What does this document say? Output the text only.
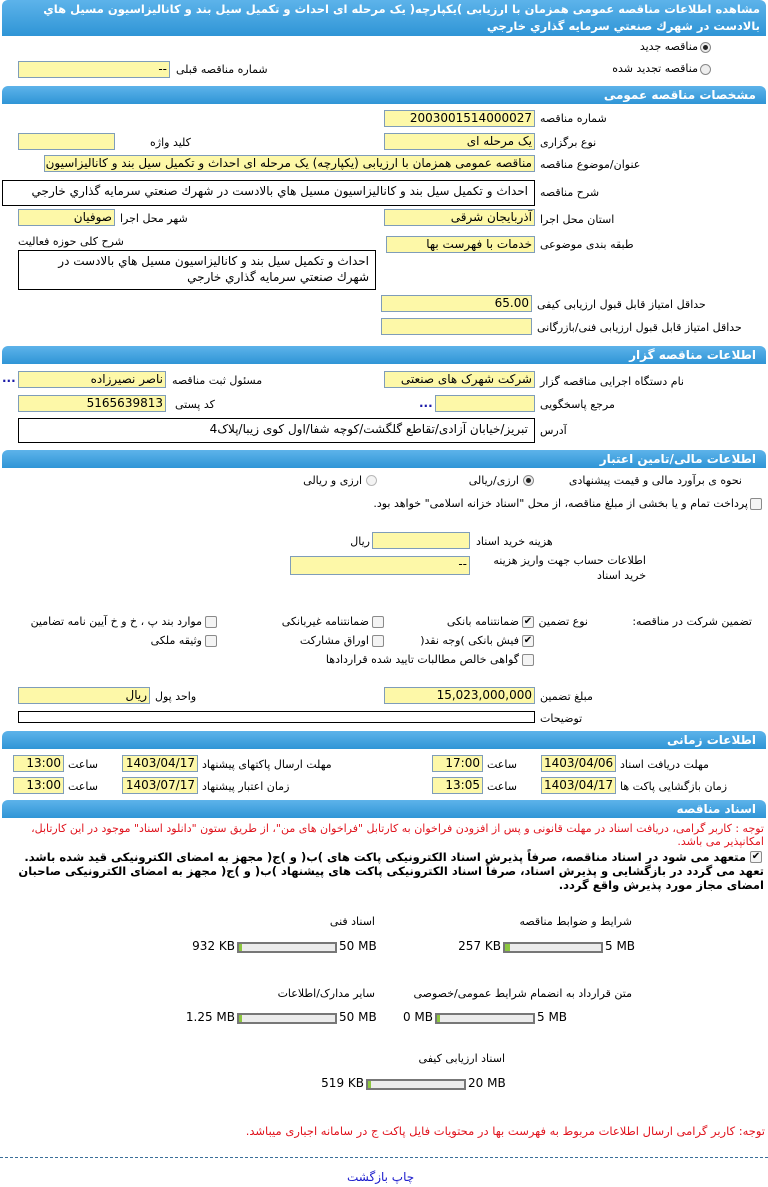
مشاهده اطلاعات مناقصه عمومی همزمان با ارزیابی )یکپارچه( یک مرحله ای احداث و تکمیل سیل بند و کانالیزاسیون مسیل هاي بالادست در شهرك صنعتي سرمايه گذاري خارجي
مناقصه جدید
مناقصه تجدید شده
شماره مناقصه قبلی
--
مشخصات مناقصه عمومی
شماره مناقصه
2003001514000027
نوع برگزاری
یک مرحله ای
کلید واژه
عنوان/موضوع مناقصه
مناقصه عمومی همزمان با ارزیابی (یکپارچه) یک مرحله ای احداث و تکمیل سیل بند و کانالیزاسیون
شرح مناقصه
احداث و تكميل سيل بند و كانالیزاسیون مسیل هاي بالادست در شهرك صنعتي سرمايه گذاري خارجي
استان محل اجرا
آذربایجان شرقی
شهر محل اجرا
صوفیان
طبقه بندی موضوعی
خدمات با فهرست بها
شرح کلی حوزه فعالیت
احداث و تكميل سيل بند و كانالیزاسیون مسیل هاي بالادست در شهرك صنعتي سرمايه گذاري خارجي
حداقل امتیاز قابل قبول ارزیابی کیفی
65.00
حداقل امتیاز قابل قبول ارزیابی فنی/بازرگانی
اطلاعات مناقصه گزار
نام دستگاه اجرایی مناقصه گزار
شرکت شهرک های صنعتی
مسئول ثبت مناقصه
ناصر نصیرزاده
...
مرجع پاسخگویی
...
کد پستی
5165639813
آدرس
تبریز/خیابان آزادی/تقاطع گلگشت/کوچه شفا/اول کوی زیبا/پلاک4
اطلاعات مالی/تامین اعتبار
نحوه ی برآورد مالی و قیمت پیشنهادی
ارزی/ریالی
ارزی و ریالی
پرداخت تمام و یا بخشی از مبلغ مناقصه، از محل "اسناد خزانه اسلامی" خواهد بود.
هزینه خرید اسناد
ریال
اطلاعات حساب جهت واریز هزینه خرید اسناد
--
تضمین شرکت در مناقصه:
نوع تضمین
✔
ضمانتنامه بانکی
ضمانتنامه غیربانکی
موارد بند پ ، خ و خ آیین نامه تضامین
✔
فیش بانکی )وجه نقد(
اوراق مشارکت
وثیقه ملکی
گواهی خالص مطالبات تایید شده قراردادها
مبلغ تضمین
15,023,000,000
واحد پول
ریال
توضیحات
اطلاعات زمانی
مهلت دریافت اسناد
1403/04/06
ساعت
17:00
مهلت ارسال پاکتهای پیشنهاد
1403/04/17
ساعت
13:00
زمان بازگشایی پاکت ها
1403/04/17
ساعت
13:05
زمان اعتبار پیشنهاد
1403/07/17
ساعت
13:00
اسناد مناقصه
توجه : کاربر گرامی، دریافت اسناد در مهلت قانونی و پس از افزودن فراخوان به کارتابل "فراخوان های من"، از طریق ستون "دانلود اسناد" موجود در این کارتابل، امکانپذیر می باشد.
✔
متعهد می شود در اسناد مناقصه، صرفاً پذیرش اسناد الکترونیکی پاکت های )ب( و )ج( مجهز به امضای الکترونیکی قید شده باشد. تعهد می گردد در بازگشایی و پذیرش اسناد، صرفاً اسناد الکترونیکی پاکت های پیشنهاد )ب( و )ج( مجهز به امضای الکترونیکی صاحبان امضای مجاز مورد پذیرش واقع گردد.
شرایط و ضوابط مناقصه
257 KB	5 MB
اسناد فنی
932 KB	50 MB
متن قرارداد به انضمام شرایط عمومی/خصوصی
0 MB	5 MB
سایر مدارک/اطلاعات
1.25 MB	50 MB
اسناد ارزیابی کیفی
519 KB	20 MB
توجه: کاربر گرامی ارسال اطلاعات مربوط به فهرست بها در محتویات فایل پاکت ج در سامانه اجباری میباشد.
چاپ بازگشت
